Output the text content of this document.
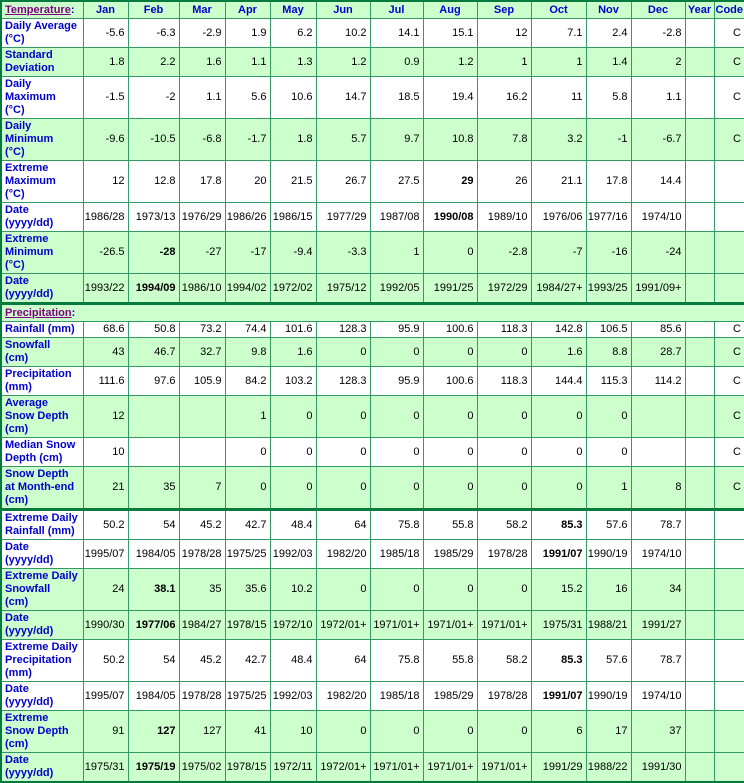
Temperature:	Jan	Feb	Mar	Apr	May	Jun	Jul	Aug	Sep	Oct	Nov	Dec	Year	Code
Daily Average
(°C)	-5.6	-6.3	-2.9	1.9	6.2	10.2	14.1	15.1	12	7.1	2.4	-2.8		C
Standard
Deviation	1.8	2.2	1.6	1.1	1.3	1.2	0.9	1.2	1	1	1.4	2		C
Daily
Maximum
(°C)	-1.5	-2	1.1	5.6	10.6	14.7	18.5	19.4	16.2	11	5.8	1.1		C
Daily
Minimum
(°C)	-9.6	-10.5	-6.8	-1.7	1.8	5.7	9.7	10.8	7.8	3.2	-1	-6.7		C
Extreme
Maximum
(°C)	12	12.8	17.8	20	21.5	26.7	27.5	29	26	21.1	17.8	14.4		
Date
(yyyy/dd)	1986/28	1973/13	1976/29	1986/26	1986/15	1977/29	1987/08	1990/08	1989/10	1976/06	1977/16	1974/10		
Extreme
Minimum
(°C)	-26.5	-28	-27	-17	-9.4	-3.3	1	0	-2.8	-7	-16	-24		
Date
(yyyy/dd)	1993/22	1994/09	1986/10	1994/02	1972/02	1975/12	1992/05	1991/25	1972/29	1984/27+	1993/25	1991/09+		
Precipitation:														
Rainfall (mm)	68.6	50.8	73.2	74.4	101.6	128.3	95.9	100.6	118.3	142.8	106.5	85.6		C
Snowfall
(cm)	43	46.7	32.7	9.8	1.6	0	0	0	0	1.6	8.8	28.7		C
Precipitation
(mm)	111.6	97.6	105.9	84.2	103.2	128.3	95.9	100.6	118.3	144.4	115.3	114.2		C
Average
Snow Depth
(cm)	12			1	0	0	0	0	0	0	0			C
Median Snow
Depth (cm)	10			0	0	0	0	0	0	0	0			C
Snow Depth
at Month-end
(cm)	21	35	7	0	0	0	0	0	0	0	1	8		C
Extreme Daily
Rainfall (mm)	50.2	54	45.2	42.7	48.4	64	75.8	55.8	58.2	85.3	57.6	78.7		
Date
(yyyy/dd)	1995/07	1984/05	1978/28	1975/25	1992/03	1982/20	1985/18	1985/29	1978/28	1991/07	1990/19	1974/10		
Extreme Daily
Snowfall
(cm)	24	38.1	35	35.6	10.2	0	0	0	0	15.2	16	34		
Date
(yyyy/dd)	1990/30	1977/06	1984/27	1978/15	1972/10	1972/01+	1971/01+	1971/01+	1971/01+	1975/31	1988/21	1991/27		
Extreme Daily
Precipitation
(mm)	50.2	54	45.2	42.7	48.4	64	75.8	55.8	58.2	85.3	57.6	78.7		
Date
(yyyy/dd)	1995/07	1984/05	1978/28	1975/25	1992/03	1982/20	1985/18	1985/29	1978/28	1991/07	1990/19	1974/10		
Extreme
Snow Depth
(cm)	91	127	127	41	10	0	0	0	0	6	17	37		
Date
(yyyy/dd)	1975/31	1975/19	1975/02	1978/15	1972/11	1972/01+	1971/01+	1971/01+	1971/01+	1991/29	1988/22	1991/30		
